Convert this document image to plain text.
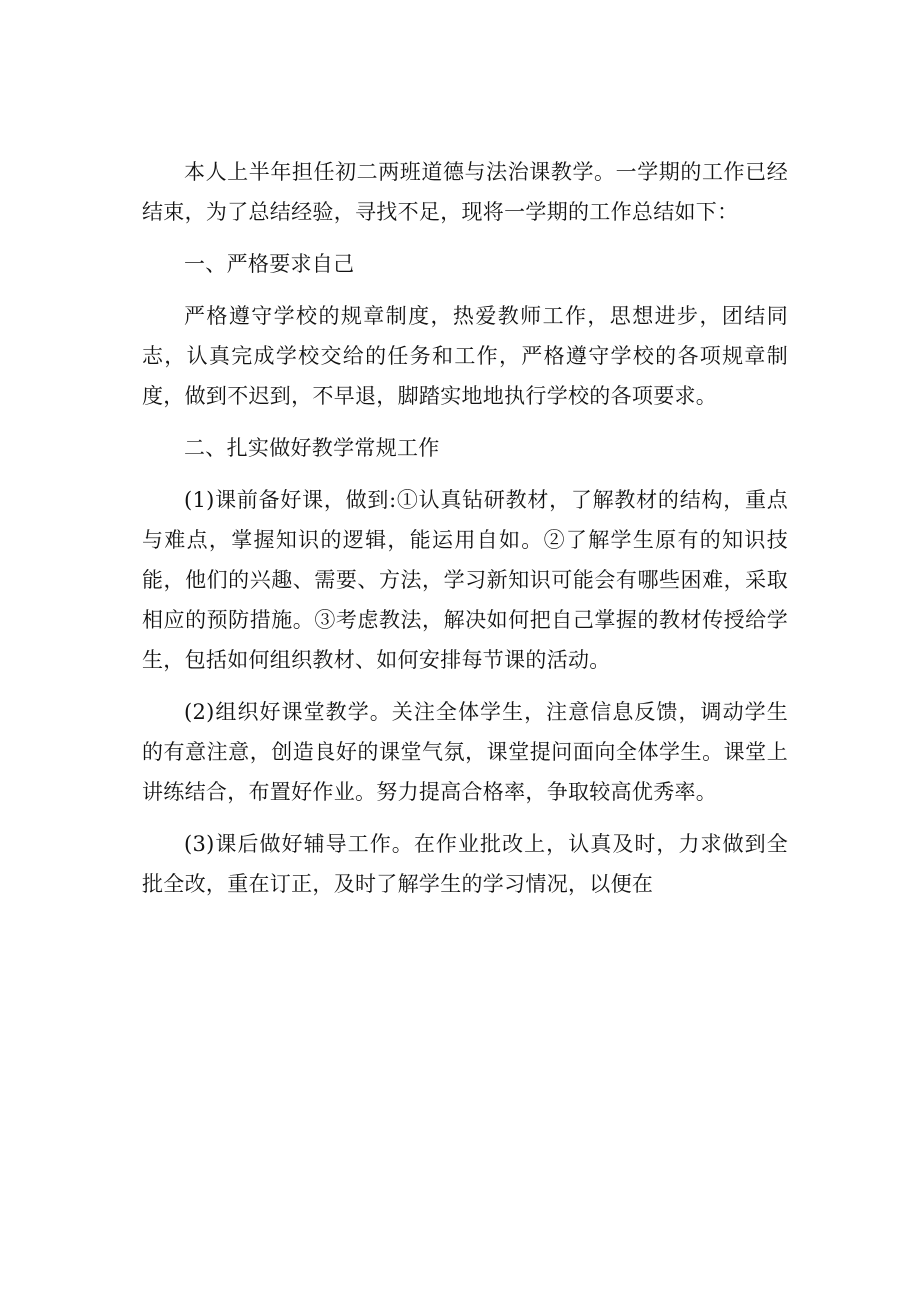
本人上半年担任初二两班道德与法治课教学。一学期的工作已经结束，为了总结经验，寻找不足，现将一学期的工作总结如下：

一、严格要求自己

严格遵守学校的规章制度，热爱教师工作，思想进步，团结同志，认真完成学校交给的任务和工作，严格遵守学校的各项规章制度，做到不迟到，不早退，脚踏实地地执行学校的各项要求。

二、扎实做好教学常规工作

(1)课前备好课，做到:①认真钻研教材，了解教材的结构，重点与难点，掌握知识的逻辑，能运用自如。②了解学生原有的知识技能，他们的兴趣、需要、方法，学习新知识可能会有哪些困难，采取相应的预防措施。③考虑教法，解决如何把自己掌握的教材传授给学生，包括如何组织教材、如何安排每节课的活动。

(2)组织好课堂教学。关注全体学生，注意信息反馈，调动学生的有意注意，创造良好的课堂气氛，课堂提问面向全体学生。课堂上讲练结合，布置好作业。努力提高合格率，争取较高优秀率。

(3)课后做好辅导工作。在作业批改上，认真及时，力求做到全批全改，重在订正，及时了解学生的学习情况，以便在
